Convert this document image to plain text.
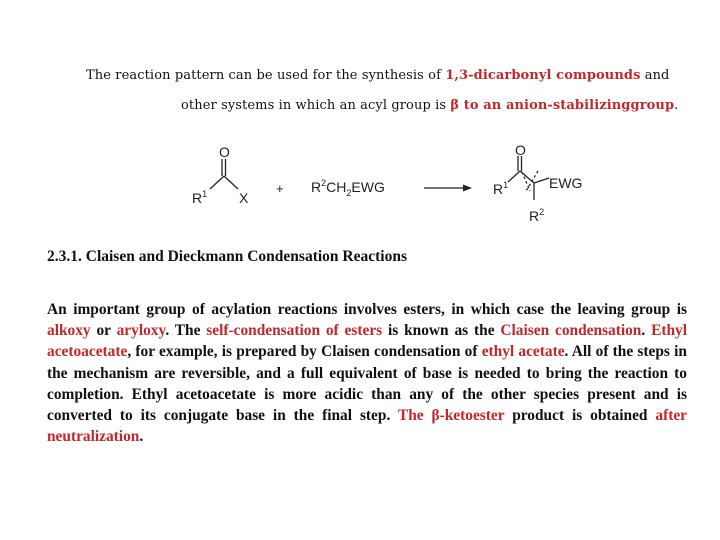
The reaction pattern can be used for the synthesis of 1,3-dicarbonyl compounds and
other systems in which an acyl group is β to an anion-stabilizinggroup.
O
$R^1$ X
+ $R^2CH_2EWG$
O
$R^1$	EWG
$R^2$
2.3.1. Claisen and Dieckmann Condensation Reactions

An important group of acylation reactions involves esters, in which case the leaving group is alkoxy or aryloxy. The self-condensation of esters is known as the Claisen condensation. Ethyl acetoacetate, for example, is prepared by Claisen condensation of ethyl acetate. All of the steps in the mechanism are reversible, and a full equivalent of base is needed to bring the reaction to completion. Ethyl acetoacetate is more acidic than any of the other species present and is converted to its conjugate base in the final step. The β-ketoester product is obtained after neutralization.
